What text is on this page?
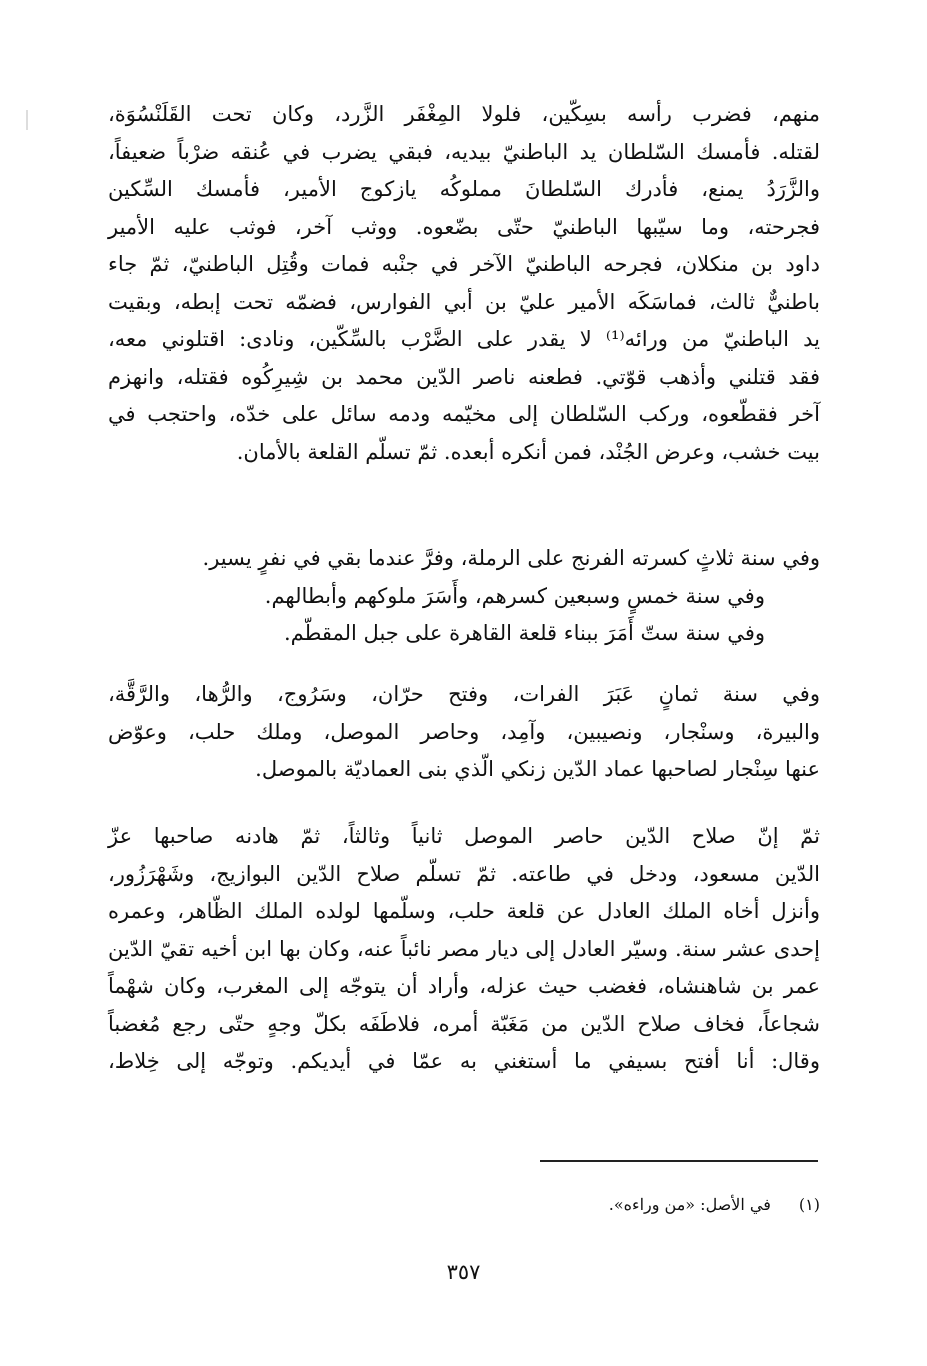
منهم، فضرب رأسه بسِكّين، فلولا المِغْفَر الزَّرد، وكان تحت القَلَنْسُوَة،
لقتله. فأمسك السّلطان يد الباطنيّ بيديه، فبقي يضرب في عُنقه ضرْباً ضعيفاً،
والزَّرَدُ يمنع، فأدرك السّلطانَ مملوكُه يازكوج الأمير، فأمسك السِّكين
فجرحته، وما سيّبها الباطنيّ حتّى بضّعوه. ووثب آخر، فوثب عليه الأمير
داود بن منكلان، فجرحه الباطنيّ الآخر في جنْبه فمات وقُتِل الباطنيّ، ثمّ جاء
باطنيٌّ ثالث، فماسَكَه الأمير عليّ بن أبي الفوارس، فضمّه تحت إبطه، وبقيت
يد الباطنيّ من ورائه⁽¹⁾ لا يقدر على الضَّرْب بالسِّكّين، ونادى: اقتلوني معه،
فقد قتلني وأذهب قوّتي. فطعنه ناصر الدّين محمد بن شِيرِكُوه فقتله، وانهزم
آخر فقطّعوه، وركب السّلطان إلى مخيّمه ودمه سائل على خدّه، واحتجب في
بيت خشب، وعرض الجُنْد، فمن أنكره أبعده. ثمّ تسلّم القلعة بالأمان.
وفي سنة ثلاثٍ كسرته الفرنج على الرملة، وفرَّ عندما بقي في نفرٍ يسير.
وفي سنة خمسٍ وسبعين كسرهم، وأَسَرَ ملوكهم وأبطالهم.
وفي سنة ستّ أَمَرَ ببناء قلعة القاهرة على جبل المقطّم.
وفي سنة ثمانٍ عَبَرَ الفرات، وفتح حرّان، وسَرُوج، والرُّها، والرَّقَّة،
والبيرة، وسنْجار، ونصيبين، وآمِد، وحاصر الموصل، وملك حلب، وعوّض
عنها سِنْجار لصاحبها عماد الدّين زنكي الّذي بنى العماديّة بالموصل.
ثمّ إنّ صلاح الدّين حاصر الموصل ثانياً وثالثاً، ثمّ هادنه صاحبها عزّ
الدّين مسعود، ودخل في طاعته. ثمّ تسلّم صلاح الدّين البوازيج، وشَهْرَزُور،
وأنزل أخاه الملك العادل عن قلعة حلب، وسلّمها لولده الملك الظّاهر، وعمره
إحدى عشر سنة. وسيّر العادل إلى ديار مصر نائباً عنه، وكان بها ابن أخيه تقيّ الدّين
عمر بن شاهنشاه، فغضب حيث عزله، وأراد أن يتوجّه إلى المغرب، وكان شهْماً
شجاعاً، فخاف صلاح الدّين من مَغَبّة أمره، فلاطَفَه بكلّ وجهٍ حتّى رجع مُغضباً
وقال: أنا أفتح بسيفي ما أستغني به عمّا في أيديكم. وتوجّه إلى خِلاط،
(١)في الأصل: «من وراءه».
٣٥٧
